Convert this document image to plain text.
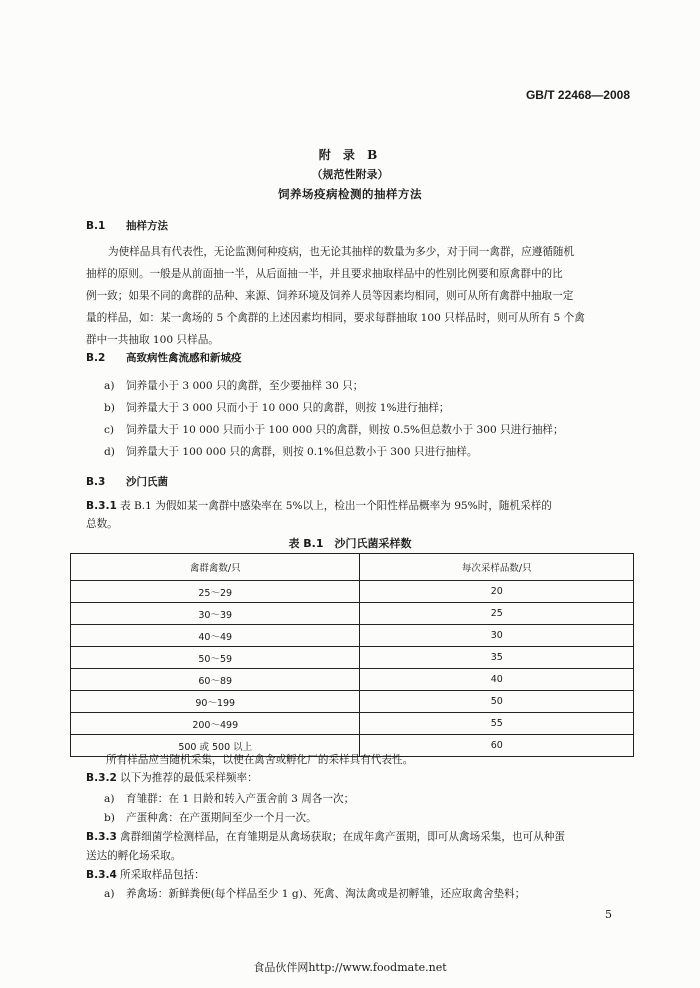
GB/T 22468—2008
附 录 B
（规范性附录）
饲养场疫病检测的抽样方法
B.1 抽样方法

为使样品具有代表性，无论监测何种疫病，也无论其抽样的数量为多少，对于同一禽群，应遵循随机

抽样的原则。一般是从前面抽一半，从后面抽一半，并且要求抽取样品中的性别比例要和原禽群中的比

例一致；如果不同的禽群的品种、来源、饲养环境及饲养人员等因素均相同，则可从所有禽群中抽取一定

量的样品，如：某一禽场的 5 个禽群的上述因素均相同，要求每群抽取 100 只样品时，则可从所有 5 个禽

群中一共抽取 100 只样品。

B.2 高致病性禽流感和新城疫
a) 饲养量小于 3 000 只的禽群，至少要抽样 30 只；
b) 饲养量大于 3 000 只而小于 10 000 只的禽群，则按 1%进行抽样；
c) 饲养量大于 10 000 只而小于 100 000 只的禽群，则按 0.5%但总数小于 300 只进行抽样；
d) 饲养量大于 100 000 只的禽群，则按 0.1%但总数小于 300 只进行抽样。
B.3 沙门氏菌
B.3.1 表 B.1 为假如某一禽群中感染率在 5%以上，检出一个阳性样品概率为 95%时，随机采样的
总数。
表 B.1　沙门氏菌采样数
禽群禽数/只	每次采样品数/只
25～29	20
30～39	25
40～49	30
50～59	35
60～89	40
90～199	50
200～499	55
500 或 500 以上	60
所有样品应当随机采集，以使在禽舍或孵化厂的采样具有代表性。
B.3.2 以下为推荐的最低采样频率：
a) 育雏群：在 1 日龄和转入产蛋舍前 3 周各一次；
b) 产蛋种禽：在产蛋期间至少一个月一次。
B.3.3 禽群细菌学检测样品，在育雏期是从禽场获取；在成年禽产蛋期，即可从禽场采集，也可从种蛋
送达的孵化场采取。
B.3.4 所采取样品包括：
a) 养禽场：新鲜粪便(每个样品至少 1 g)、死禽、淘汰禽或是初孵雏，还应取禽舍垫料；
5
食品伙伴网http://www.foodmate.net
